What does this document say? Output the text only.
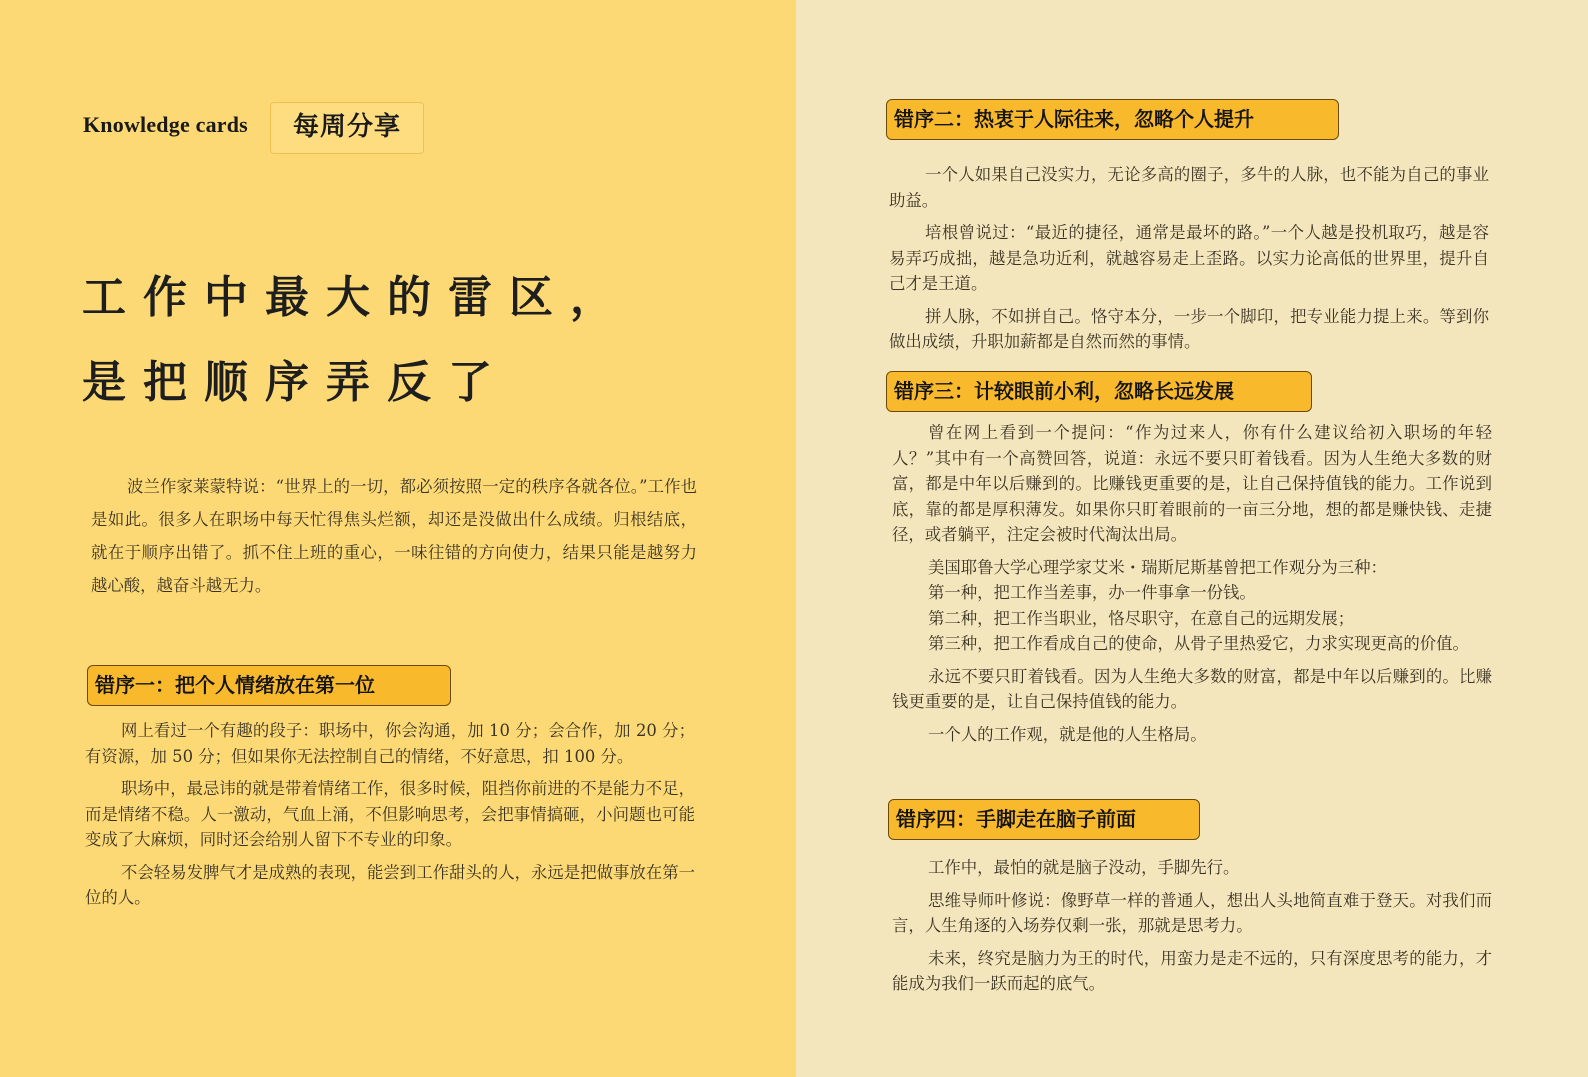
Knowledge cards	每周分享
工作中最大的雷区，
是把顺序弄反了
波兰作家莱蒙特说：“世界上的一切，都必须按照一定的秩序各就各位。”工作也是如此。很多人在职场中每天忙得焦头烂额，却还是没做出什么成绩。归根结底，就在于顺序出错了。抓不住上班的重心，一味往错的方向使力，结果只能是越努力越心酸，越奋斗越无力。
错序一：把个人情绪放在第一位

网上看过一个有趣的段子：职场中，你会沟通，加 10 分；会合作，加 20 分；有资源，加 50 分；但如果你无法控制自己的情绪，不好意思，扣 100 分。

职场中，最忌讳的就是带着情绪工作，很多时候，阻挡你前进的不是能力不足，而是情绪不稳。人一激动，气血上涌，不但影响思考，会把事情搞砸，小问题也可能变成了大麻烦，同时还会给别人留下不专业的印象。

不会轻易发脾气才是成熟的表现，能尝到工作甜头的人，永远是把做事放在第一位的人。

错序二：热衷于人际往来，忽略个人提升

一个人如果自己没实力，无论多高的圈子，多牛的人脉，也不能为自己的事业助益。

培根曾说过：“最近的捷径，通常是最坏的路。”一个人越是投机取巧，越是容易弄巧成拙，越是急功近利，就越容易走上歪路。以实力论高低的世界里，提升自己才是王道。

拼人脉，不如拼自己。恪守本分，一步一个脚印，把专业能力提上来。等到你做出成绩，升职加薪都是自然而然的事情。

错序三：计较眼前小利，忽略长远发展

曾在网上看到一个提问：“作为过来人，你有什么建议给初入职场的年轻人？”其中有一个高赞回答，说道：永远不要只盯着钱看。因为人生绝大多数的财富，都是中年以后赚到的。比赚钱更重要的是，让自己保持值钱的能力。工作说到底，靠的都是厚积薄发。如果你只盯着眼前的一亩三分地，想的都是赚快钱、走捷径，或者躺平，注定会被时代淘汰出局。

美国耶鲁大学心理学家艾米・瑞斯尼斯基曾把工作观分为三种：

第一种，把工作当差事，办一件事拿一份钱。

第二种，把工作当职业，恪尽职守，在意自己的远期发展；

第三种，把工作看成自己的使命，从骨子里热爱它，力求实现更高的价值。

永远不要只盯着钱看。因为人生绝大多数的财富，都是中年以后赚到的。比赚钱更重要的是，让自己保持值钱的能力。

一个人的工作观，就是他的人生格局。

错序四：手脚走在脑子前面

工作中，最怕的就是脑子没动，手脚先行。

思维导师叶修说：像野草一样的普通人，想出人头地简直难于登天。对我们而言，人生角逐的入场券仅剩一张，那就是思考力。

未来，终究是脑力为王的时代，用蛮力是走不远的，只有深度思考的能力，才能成为我们一跃而起的底气。
